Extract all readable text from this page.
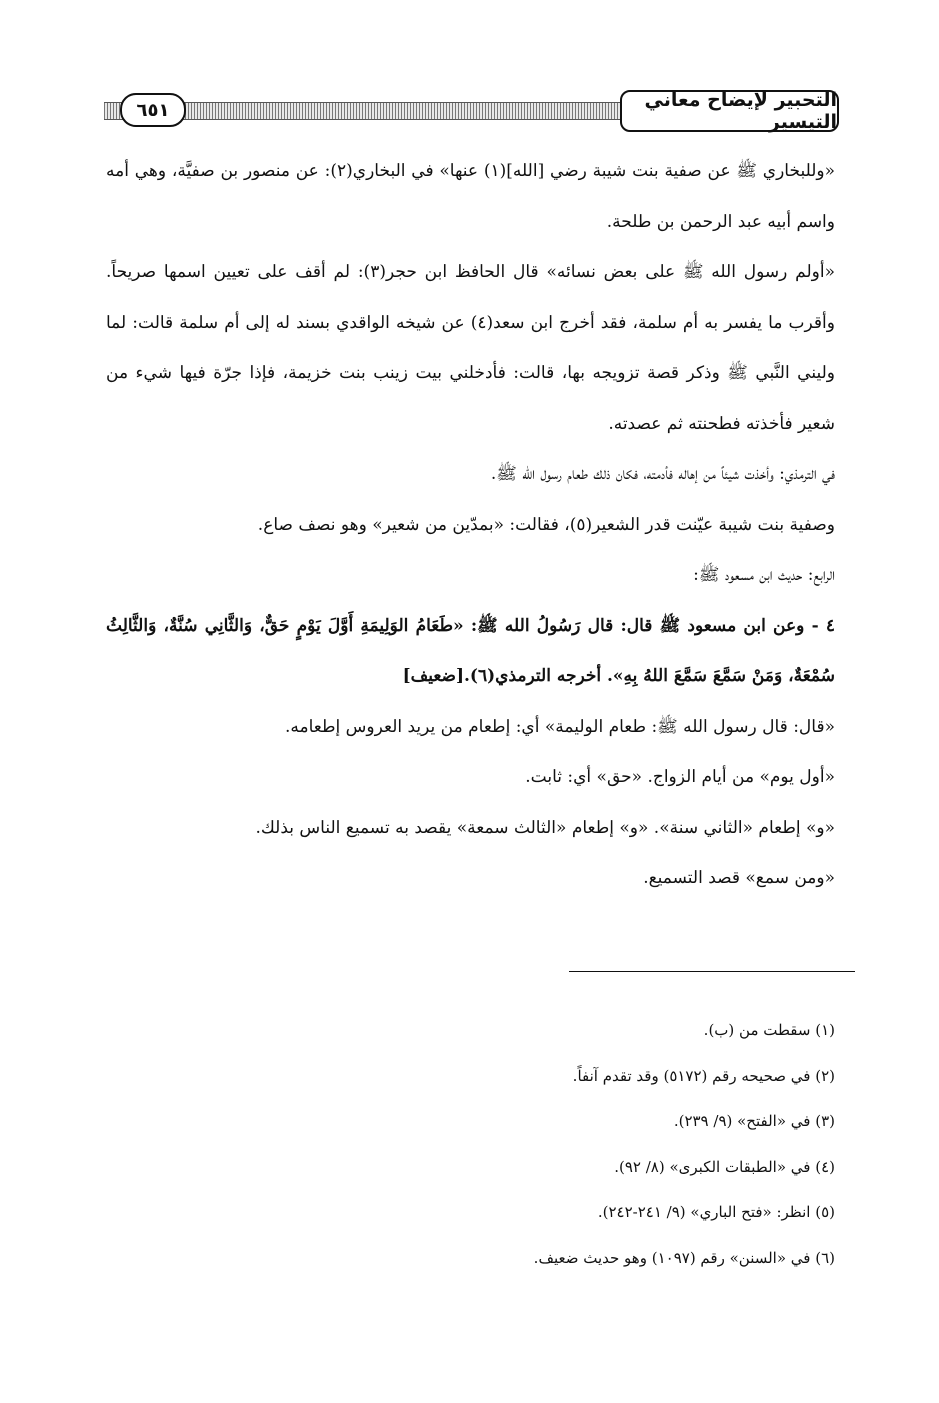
التحبير لإيضاح معاني التيسير
٦٥١

«وللبخاري ﷺ عن صفية بنت شيبة رضي [الله](١) عنها» في البخاري(٢): عن منصور بن صفيَّة، وهي أمه واسم أبيه عبد الرحمن بن طلحة.

«أولم رسول الله ﷺ على بعض نسائه» قال الحافظ ابن حجر(٣): لم أقف على تعيين اسمها صريحاً. وأقرب ما يفسر به أم سلمة، فقد أخرج ابن سعد(٤) عن شيخه الواقدي بسند له إلى أم سلمة قالت: لما وليني النَّبي ﷺ وذكر قصة تزويجه بها، قالت: فأدخلني بيت زينب بنت خزيمة، فإذا جرّة فيها شيء من شعير فأخذته فطحنته ثم عصدته.

في الترمذي: وأخذت شيئاً من إهاله فأدمته، فكان ذلك طعام رسول الله ﷺ.

وصفية بنت شيبة عيّنت قدر الشعير(٥)، فقالت: «بمدّين من شعير» وهو نصف صاع.

الرابع: حديث ابن مسعود ﷺ:

٤ - وعن ابن مسعود ﷺ قال: قال رَسُولُ الله ﷺ: «طَعَامُ الوَلِيمَةِ أَوَّلَ يَوْمٍ حَقٌّ، وَالثَّانِي سُنَّةٌ، وَالثَّالِثُ سُمْعَةٌ، وَمَنْ سَمَّعَ سَمَّعَ اللهُ بِهِ». أخرجه الترمذي(٦).[ضعيف]

«قال: قال رسول الله ﷺ: طعام الوليمة» أي: إطعام من يريد العروس إطعامه.

«أول يوم» من أيام الزواج. «حق» أي: ثابت.

«و» إطعام «الثاني سنة». «و» إطعام «الثالث سمعة» يقصد به تسميع الناس بذلك.

«ومن سمع» قصد التسميع.

(١) سقطت من (ب).

(٢) في صحيحه رقم (٥١٧٢) وقد تقدم آنفاً.

(٣) في «الفتح» (٩/ ٢٣٩).

(٤) في «الطبقات الكبرى» (٨/ ٩٢).

(٥) انظر: «فتح الباري» (٩/ ٢٤١-٢٤٢).

(٦) في «السنن» رقم (١٠٩٧) وهو حديث ضعيف.
